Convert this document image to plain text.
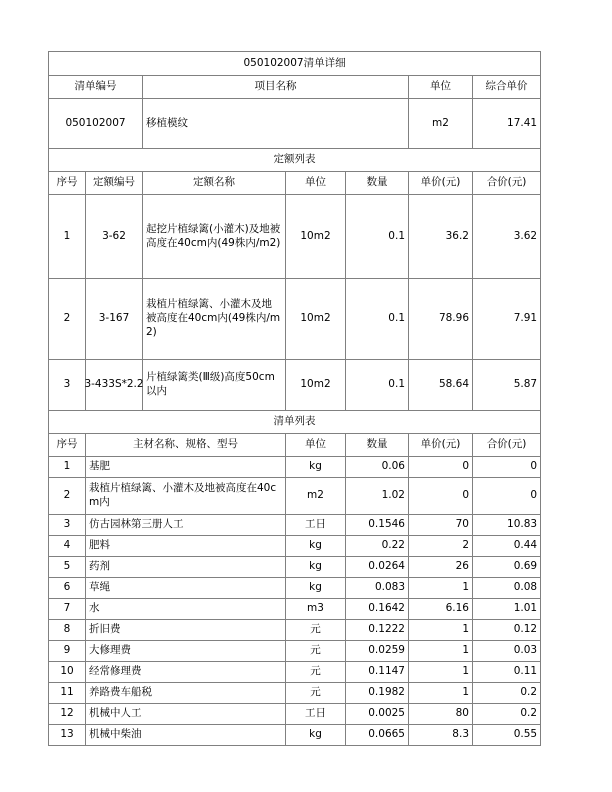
050102007清单详细						
清单编号		项目名称			单位	综合单价
050102007		移植模纹			m2	17.41
定额列表						
序号	定额编号	定额名称	单位	数量	单价(元)	合价(元)
1	3-62	起挖片植绿篱(小灌木)及地被高度在40cm内(49株内/m2)	10m2	0.1	36.2	3.62
2	3-167	栽植片植绿篱、小灌木及地被高度在40cm内(49株内/m2)	10m2	0.1	78.96	7.91
3	3-433S*2.2	片植绿篱类(Ⅲ级)高度50cm以内	10m2	0.1	58.64	5.87
清单列表						
序号	主材名称、规格、型号		单位	数量	单价(元)	合价(元)
1	基肥		kg	0.06	0	0
2	栽植片植绿篱、小灌木及地被高度在40cm内		m2	1.02	0	0
3	仿古园林第三册人工		工日	0.1546	70	10.83
4	肥料		kg	0.22	2	0.44
5	药剂		kg	0.0264	26	0.69
6	草绳		kg	0.083	1	0.08
7	水		m3	0.1642	6.16	1.01
8	折旧费		元	0.1222	1	0.12
9	大修理费		元	0.0259	1	0.03
10	经常修理费		元	0.1147	1	0.11
11	养路费车船税		元	0.1982	1	0.2
12	机械中人工		工日	0.0025	80	0.2
13	机械中柴油		kg	0.0665	8.3	0.55
